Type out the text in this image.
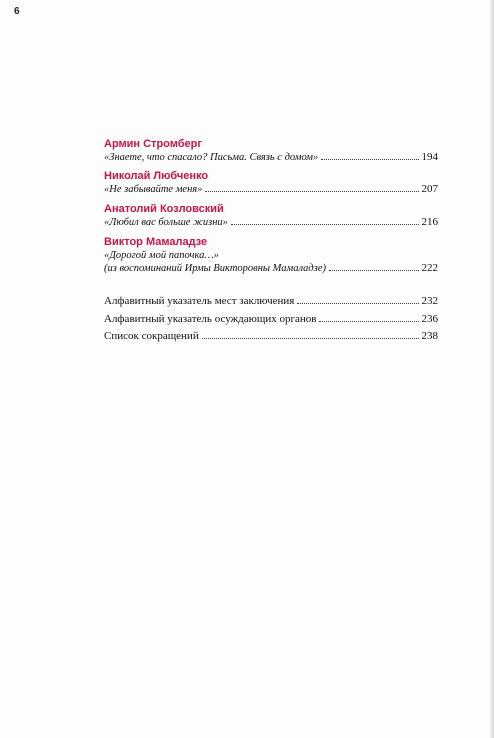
6
Армин Стромберг
«Знаете, что спасало? Письма. Связь с домом»	194
Николай Любченко
«Не забывайте меня»	207
Анатолий Козловский
«Любил вас больше жизни»	216
Виктор Мамаладзе
«Дорогой мой папочка…»
(из воспоминаний Ирмы Викторовны Мамаладзе)	222
Алфавитный указатель мест заключения	232
Алфавитный указатель осуждающих органов	236
Список сокращений	238
